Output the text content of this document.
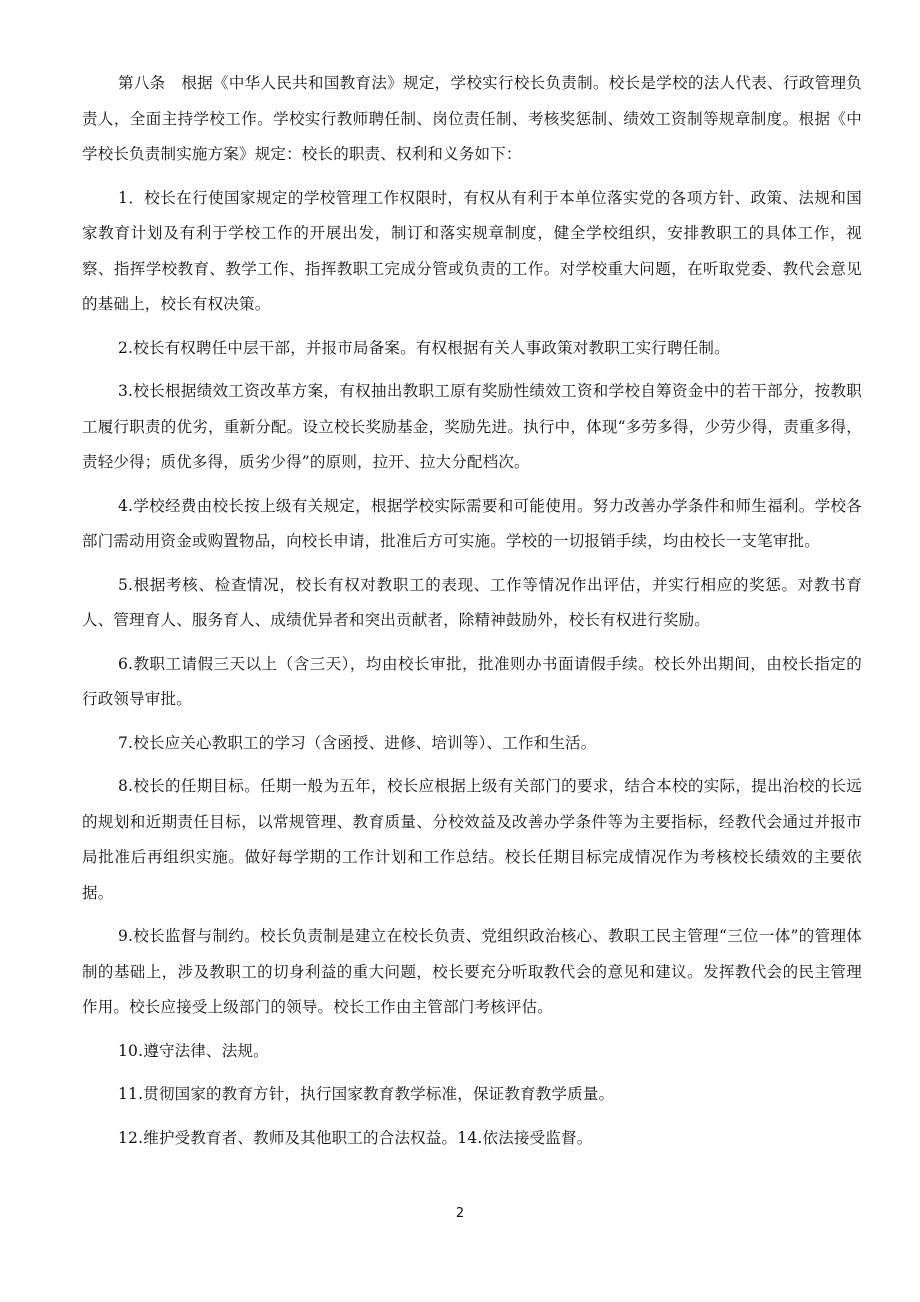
第八条　根据《中华人民共和国教育法》规定，学校实行校长负责制。校长是学校的法人代表、行政管理负责人，全面主持学校工作。学校实行教师聘任制、岗位责任制、考核奖惩制、绩效工资制等规章制度。根据《中学校长负责制实施方案》规定：校长的职责、权利和义务如下：

1．校长在行使国家规定的学校管理工作权限时，有权从有利于本单位落实党的各项方针、政策、法规和国家教育计划及有利于学校工作的开展出发，制订和落实规章制度，健全学校组织，安排教职工的具体工作，视察、指挥学校教育、教学工作、指挥教职工完成分管或负责的工作。对学校重大问题，在听取党委、教代会意见的基础上，校长有权决策。

2.校长有权聘任中层干部，并报市局备案。有权根据有关人事政策对教职工实行聘任制。

3.校长根据绩效工资改革方案，有权抽出教职工原有奖励性绩效工资和学校自筹资金中的若干部分，按教职工履行职责的优劣，重新分配。设立校长奖励基金，奖励先进。执行中，体现“多劳多得，少劳少得，责重多得，责轻少得；质优多得，质劣少得”的原则，拉开、拉大分配档次。

4.学校经费由校长按上级有关规定，根据学校实际需要和可能使用。努力改善办学条件和师生福利。学校各部门需动用资金或购置物品，向校长申请，批准后方可实施。学校的一切报销手续，均由校长一支笔审批。

5.根据考核、检查情况，校长有权对教职工的表现、工作等情况作出评估，并实行相应的奖惩。对教书育人、管理育人、服务育人、成绩优异者和突出贡献者，除精神鼓励外，校长有权进行奖励。

6.教职工请假三天以上（含三天），均由校长审批，批准则办书面请假手续。校长外出期间，由校长指定的行政领导审批。

7.校长应关心教职工的学习（含函授、进修、培训等）、工作和生活。

8.校长的任期目标。任期一般为五年，校长应根据上级有关部门的要求，结合本校的实际，提出治校的长远的规划和近期责任目标，以常规管理、教育质量、分校效益及改善办学条件等为主要指标，经教代会通过并报市局批准后再组织实施。做好每学期的工作计划和工作总结。校长任期目标完成情况作为考核校长绩效的主要依据。

9.校长监督与制约。校长负责制是建立在校长负责、党组织政治核心、教职工民主管理“三位一体”的管理体制的基础上，涉及教职工的切身利益的重大问题，校长要充分听取教代会的意见和建议。发挥教代会的民主管理作用。校长应接受上级部门的领导。校长工作由主管部门考核评估。

10.遵守法律、法规。

11.贯彻国家的教育方针，执行国家教育教学标准，保证教育教学质量。

12.维护受教育者、教师及其他职工的合法权益。14.依法接受监督。

2
